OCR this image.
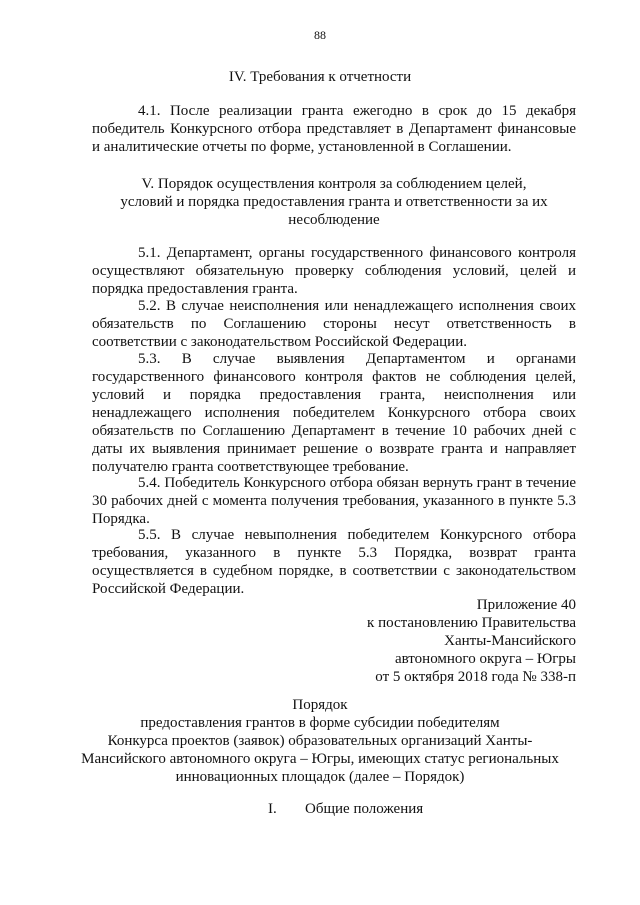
88
IV. Требования к отчетности
4.1. После реализации гранта ежегодно в срок до 15 декабря
победитель Конкурсного отбора представляет в Департамент финансовые
и аналитические отчеты по форме, установленной в Соглашении.
V. Порядок осуществления контроля за соблюдением целей,
условий и порядка предоставления гранта и ответственности за их
несоблюдение
5.1. Департамент, органы государственного финансового контроля
осуществляют обязательную проверку соблюдения условий, целей и
порядка предоставления гранта.
5.2. В случае неисполнения или ненадлежащего исполнения своих
обязательств по Соглашению стороны несут ответственность в
соответствии с законодательством Российской Федерации.
5.3. В случае выявления Департаментом и органами
государственного финансового контроля фактов не соблюдения целей,
условий и порядка предоставления гранта, неисполнения или
ненадлежащего исполнения победителем Конкурсного отбора своих
обязательств по Соглашению Департамент в течение 10 рабочих дней с
даты их выявления принимает решение о возврате гранта и направляет
получателю гранта соответствующее требование.
5.4. Победитель Конкурсного отбора обязан вернуть грант в течение
30 рабочих дней с момента получения требования, указанного в пункте 5.3
Порядка.
5.5. В случае невыполнения победителем Конкурсного отбора
требования, указанного в пункте 5.3 Порядка, возврат гранта
осуществляется в судебном порядке, в соответствии с законодательством
Российской Федерации.
Приложение 40
к постановлению Правительства
Ханты-Мансийского
автономного округа – Югры
от 5 октября 2018 года № 338-п
Порядок
предоставления грантов в форме субсидии победителям
Конкурса проектов (заявок) образовательных организаций Ханты-
Мансийского автономного округа – Югры, имеющих статус региональных
инновационных площадок (далее – Порядок)
I. Общие положения
